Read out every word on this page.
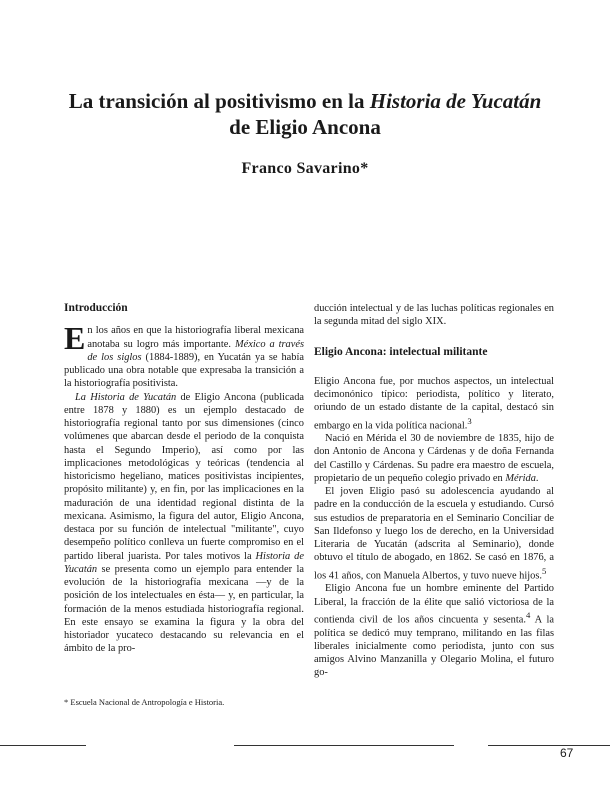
La transición al positivismo en la Historia de Yucatán
de Eligio Ancona
Franco Savarino*
Introducción

En los años en que la historiografía liberal mexicana anotaba su logro más importante. México a través de los siglos (1884-1889), en Yucatán ya se había publicado una obra notable que expresaba la transición a la historiografía positivista.

La Historia de Yucatán de Eligio Ancona (publicada entre 1878 y 1880) es un ejemplo destacado de historiografía regional tanto por sus dimensiones (cinco volúmenes que abarcan desde el periodo de la conquista hasta el Segundo Imperio), así como por las implicaciones metodológicas y teóricas (tendencia al historicismo hegeliano, matices positivistas incipientes, propósito militante) y, en fin, por las implicaciones en la maduración de una identidad regional distinta de la mexicana. Asimismo, la figura del autor, Eligio Ancona, destaca por su función de intelectual "militante", cuyo desempeño político conlleva un fuerte compromiso en el partido liberal juarista. Por tales motivos la Historia de Yucatán se presenta como un ejemplo para entender la evolución de la historiografía mexicana —y de la posición de los intelectuales en ésta— y, en particular, la formación de la menos estudiada historiografía regional. En este ensayo se examina la figura y la obra del historiador yucateco destacando su relevancia en el ámbito de la pro-

* Escuela Nacional de Antropología e Historia.

ducción intelectual y de las luchas políticas regionales en la segunda mitad del siglo XIX.

Eligio Ancona: intelectual militante

Eligio Ancona fue, por muchos aspectos, un intelectual decimonónico típico: periodista, político y literato, oriundo de un estado distante de la capital, destacó sin embargo en la vida política nacional.$^3$

Nació en Mérida el 30 de noviembre de 1835, hijo de don Antonio de Ancona y Cárdenas y de doña Fernanda del Castillo y Cárdenas. Su padre era maestro de escuela, propietario de un pequeño colegio privado en Mérida.

El joven Eligio pasó su adolescencia ayudando al padre en la conducción de la escuela y estudiando. Cursó sus estudios de preparatoria en el Seminario Conciliar de San Ildefonso y luego los de derecho, en la Universidad Literaria de Yucatán (adscrita al Seminario), donde obtuvo el título de abogado, en 1862. Se casó en 1876, a los 41 años, con Manuela Albertos, y tuvo nueve hijos.$^5$

Eligio Ancona fue un hombre eminente del Partido Liberal, la fracción de la élite que salió victoriosa de la contienda civil de los años cincuenta y sesenta.$^4$ A la política se dedicó muy temprano, militando en las filas liberales inicialmente como periodista, junto con sus amigos Alvino Manzanilla y Olegario Molina, el futuro go-

67
